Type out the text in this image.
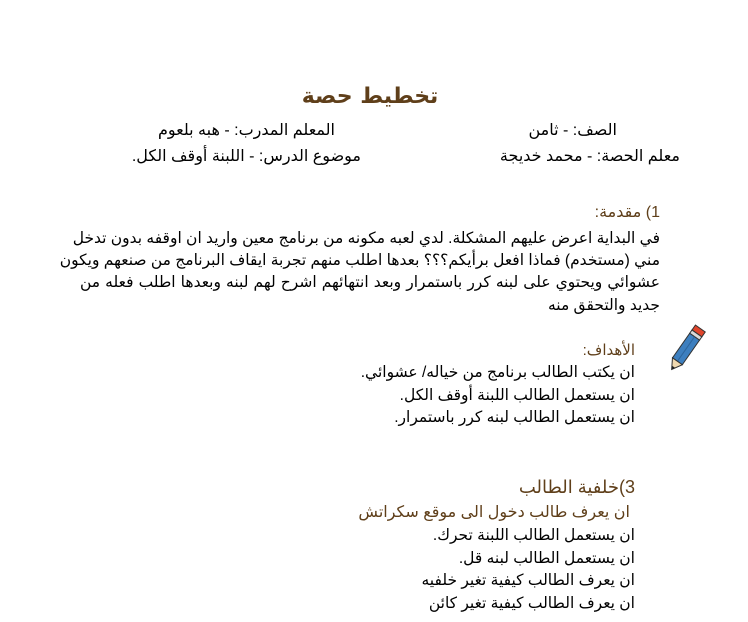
تخطيط حصة
الصف: - ثامن
المعلم المدرب: - هبه بلعوم
معلم الحصة: - محمد خديجة
موضوع الدرس: - اللبنة أوقف الكل.
1) مقدمة:
في البداية اعرض عليهم المشكلة. لدي لعبه مكونه من برنامج معين واريد ان اوقفه بدون تدخل
مني (مستخدم) فماذا افعل برأيكم؟؟؟ بعدها اطلب منهم تجربة ايقاف البرنامج من صنعهم ويكون
عشوائي ويحتوي على لبنه كرر باستمرار وبعد انتهائهم اشرح لهم لبنه وبعدها اطلب فعله من
جديد والتحقق منه
الأهداف:
ان يكتب الطالب برنامج من خياله/ عشوائي.
ان يستعمل الطالب اللبنة أوقف الكل.
ان يستعمل الطالب لبنه كرر باستمرار.
3)خلفية الطالب
ان يعرف طالب دخول الى موقع سكراتش
ان يستعمل الطالب اللبنة تحرك.
ان يستعمل الطالب لبنه قل.
ان يعرف الطالب كيفية تغير خلفيه
ان يعرف الطالب كيفية تغير كائن
